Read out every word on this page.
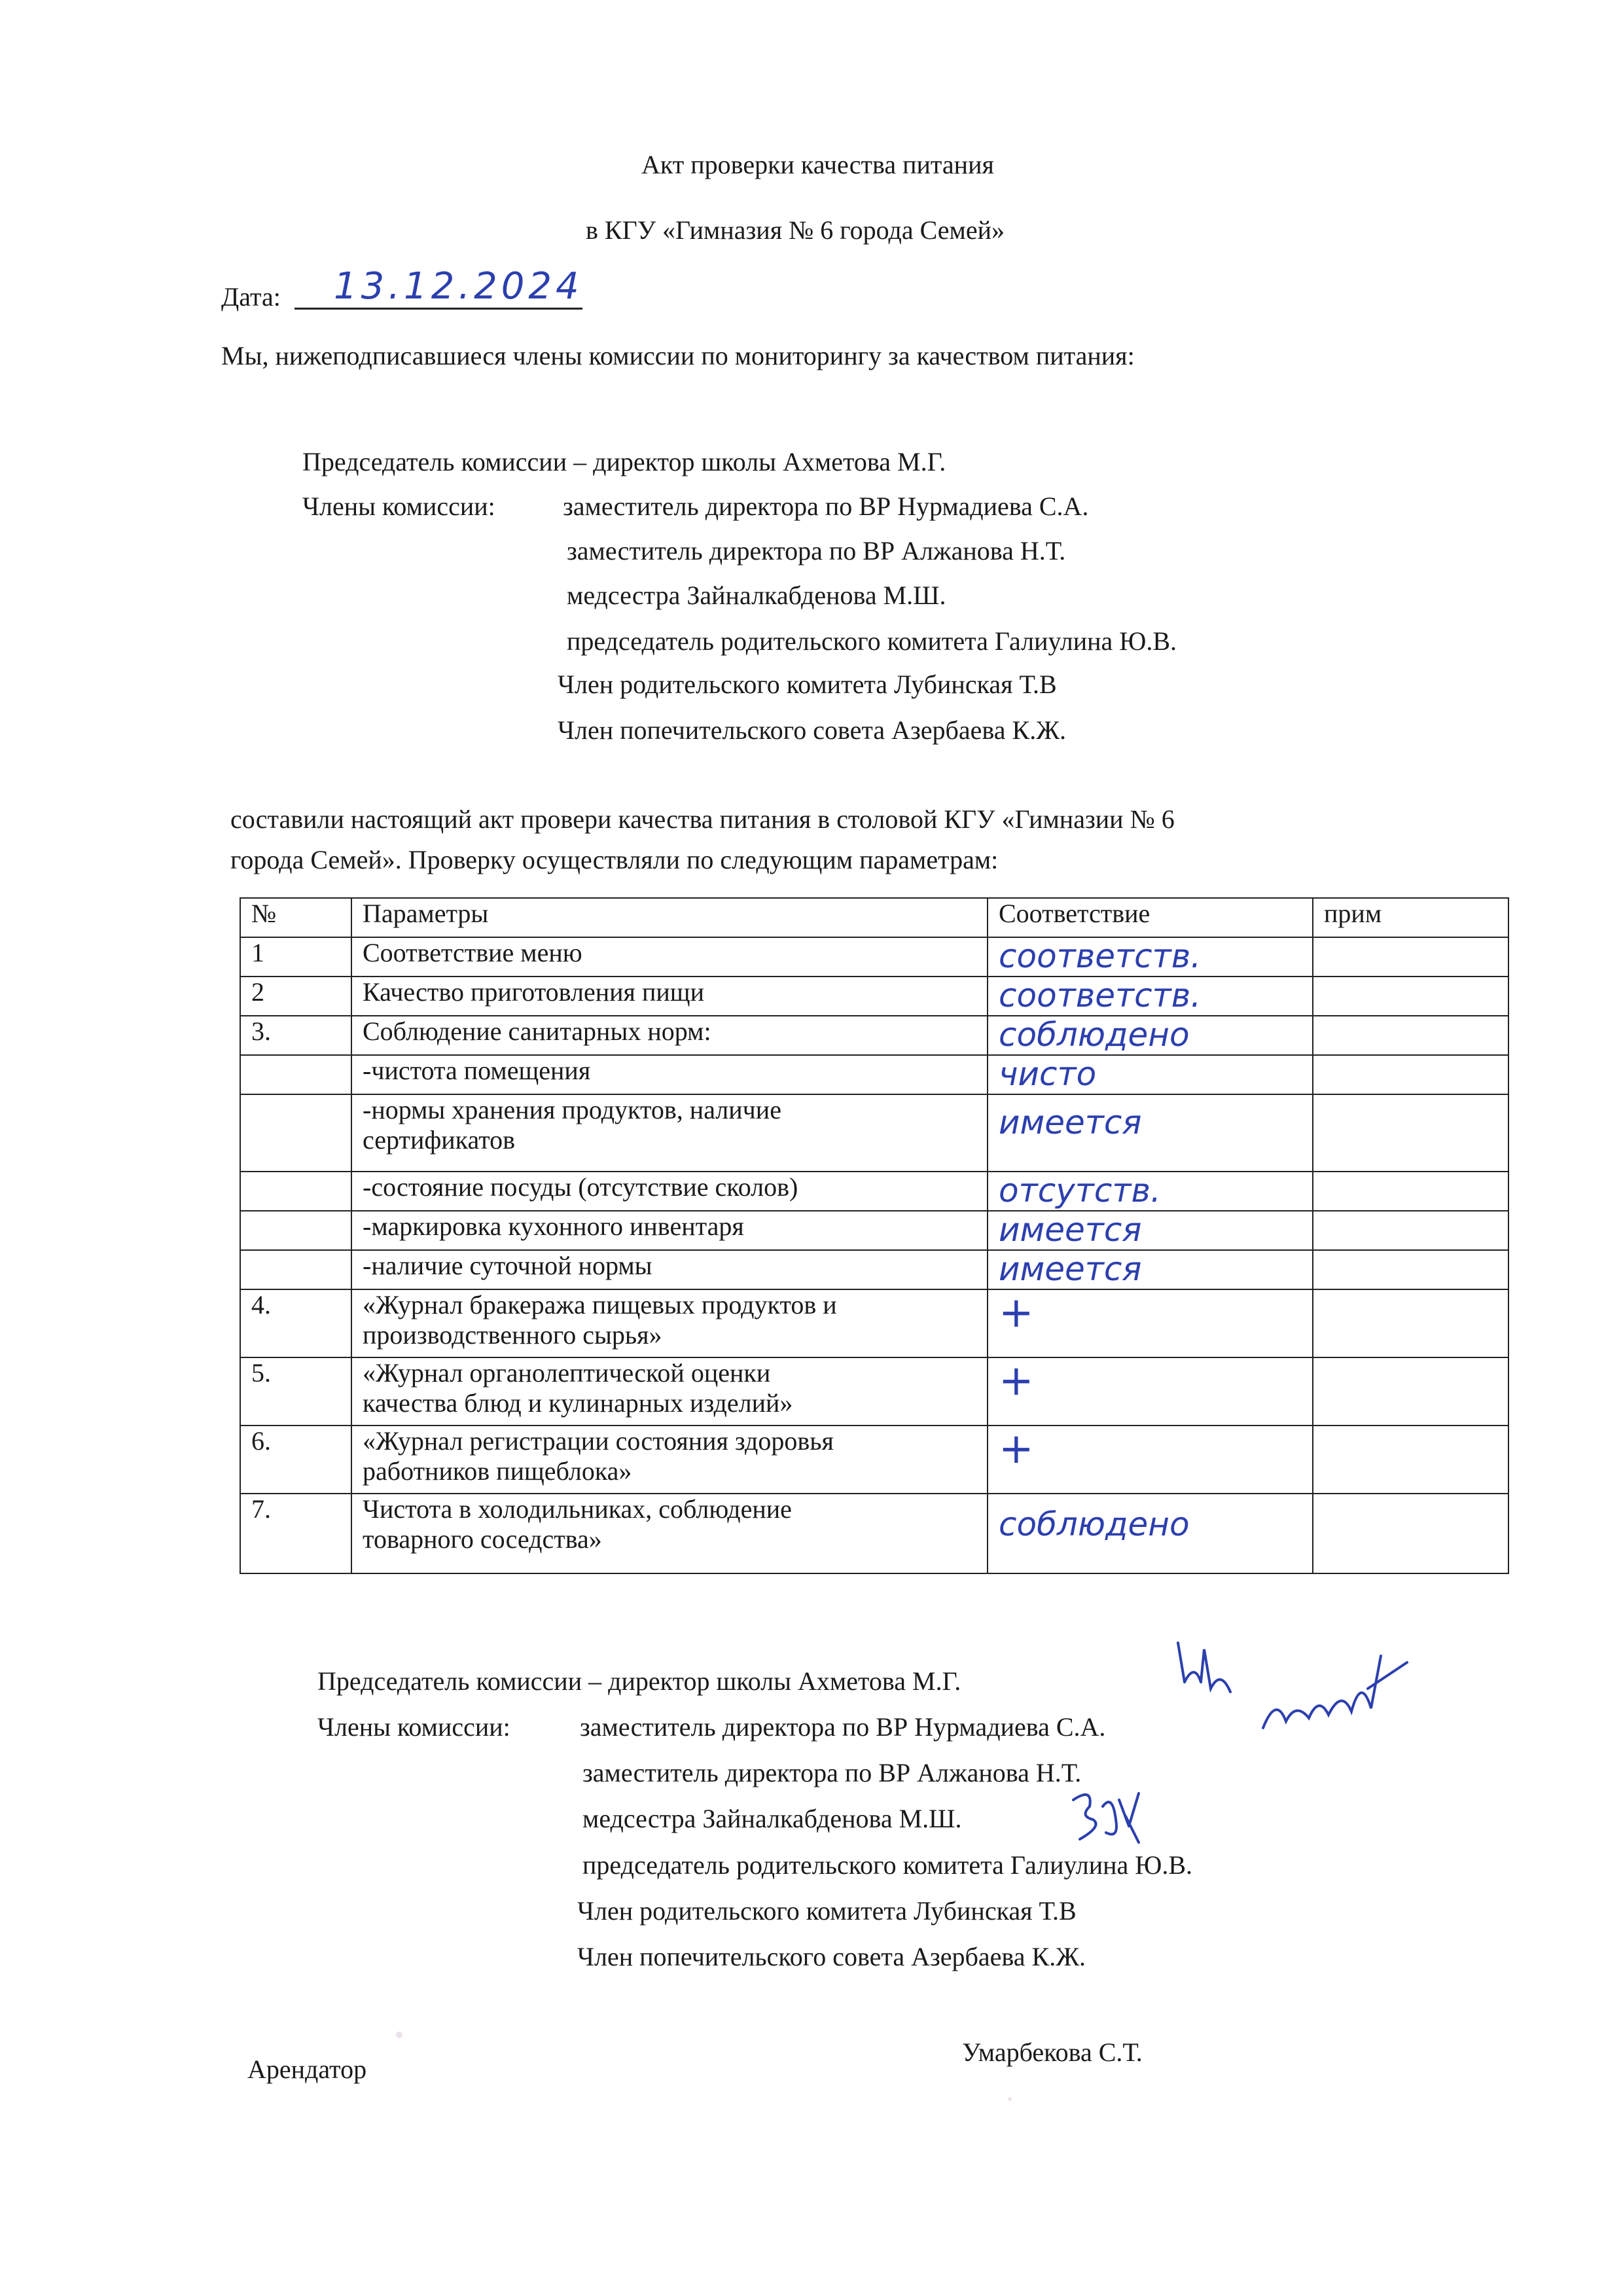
Акт проверки качества питания
в КГУ «Гимназия № 6 города Семей»
Дата: 13.12.2024
Мы, нижеподписавшиеся члены комиссии по мониторингу за качеством питания:
Председатель комиссии – директор школы Ахметова М.Г.
Члены комиссии:	заместитель директора по ВР Нурмадиева С.А.
заместитель директора по ВР Алжанова Н.Т.
медсестра Зайналкабденова М.Ш.
председатель родительского комитета Галиулина Ю.В.
Член родительского комитета Лубинская Т.В
Член попечительского совета Азербаева К.Ж.
составили настоящий акт провери качества питания в столовой КГУ «Гимназии № 6
города Семей». Проверку осуществляли по следующим параметрам:
№	Параметры	Соответствие	прим
1	Соответствие меню	соответств.	
2	Качество приготовления пищи	соответств.	
3.	Соблюдение санитарных норм:	соблюдено	

	-чистота помещения	чисто	

	-нормы хранения продуктов, наличие
сертификатов	имеется	

	-состояние посуды (отсутствие сколов)	отсутств.	

	-маркировка кухонного инвентаря	имеется	

	-наличие суточной нормы	имеется	
4.	«Журнал бракеража пищевых продуктов и
производственного сырья»	+	
5.	«Журнал органолептической оценки
качества блюд и кулинарных изделий»	+	
6.	«Журнал регистрации состояния здоровья
работников пищеблока»	+	
7.	Чистота в холодильниках, соблюдение
товарного соседства»	соблюдено	
Председатель комиссии – директор школы Ахметова М.Г.
Члены комиссии:	заместитель директора по ВР Нурмадиева С.А.
заместитель директора по ВР Алжанова Н.Т.
медсестра Зайналкабденова М.Ш.
председатель родительского комитета Галиулина Ю.В.
Член родительского комитета Лубинская Т.В
Член попечительского совета Азербаева К.Ж.
Арендатор
Умарбекова С.Т.
